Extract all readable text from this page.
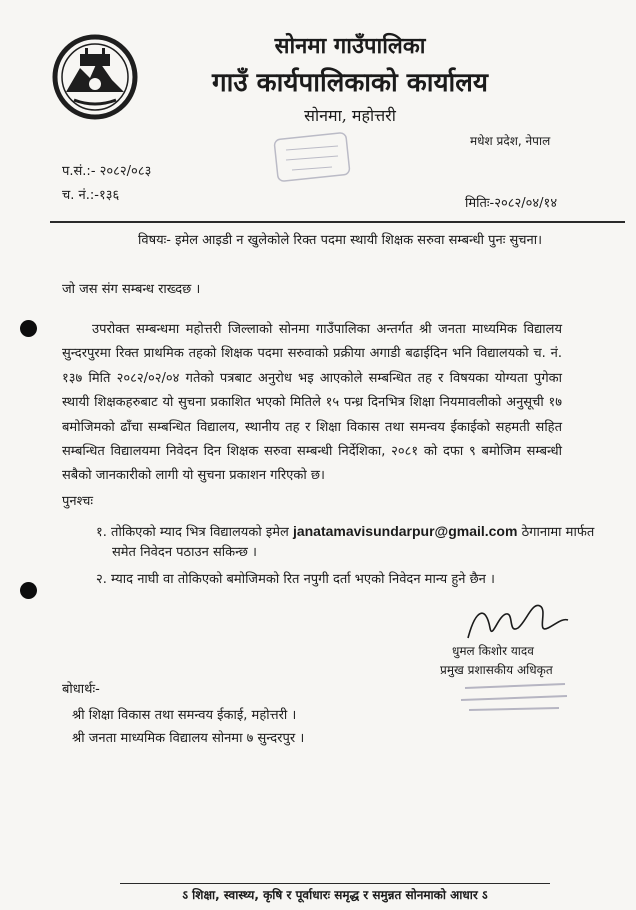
सोनमा गाउँपालिका
गाउँ कार्यपालिकाको कार्यालय
सोनमा, महोत्तरी
मधेश प्रदेश, नेपाल
प.सं.:- २०८२/०८३
च. नं.:-१३६
मितिः-२०८२/०४/१४
विषयः- इमेल आइडी न खुलेकोले रिक्त पदमा स्थायी शिक्षक सरुवा सम्बन्धी पुनः सुचना।
जो जस संग सम्बन्ध राख्दछ ।
उपरोक्त सम्बन्धमा महोत्तरी जिल्लाको सोनमा गाउँपालिका अन्तर्गत श्री जनता माध्यमिक विद्यालय सुन्दरपुरमा रिक्त प्राथमिक तहको शिक्षक पदमा सरुवाको प्रक्रीया अगाडी बढाईदिन भनि विद्यालयको च. नं. १३७ मिति २०८२/०२/०४ गतेको पत्रबाट अनुरोध भइ आएकोले सम्बन्धित तह र विषयका योग्यता पुगेका स्थायी शिक्षकहरुबाट यो सुचना प्रकाशित भएको मितिले १५ पन्ध्र दिनभित्र शिक्षा नियमावलीको अनुसूची १७ बमोजिमको ढाँचा सम्बन्धित विद्यालय, स्थानीय तह र शिक्षा विकास तथा समन्वय ईकाईको सहमती सहित सम्बन्धित विद्यालयमा निवेदन दिन शिक्षक सरुवा सम्बन्धी निर्देशिका, २०८१ को दफा ९ बमोजिम सम्बन्धी सबैको जानकारीको लागी यो सुचना प्रकाशन गरिएको छ।
पुनश्चः
१. तोकिएको म्याद भित्र विद्यालयको इमेल janatamavisundarpur@gmail.com ठेगानामा मार्फत
समेत निवेदन पठाउन सकिन्छ ।
२. म्याद नाघी वा तोकिएको बमोजिमको रित नपुगी दर्ता भएको निवेदन मान्य हुने छैन ।
धुमल किशोर यादव
प्रमुख प्रशासकीय अधिकृत
बोधार्थः-
श्री शिक्षा विकास तथा समन्वय ईकाई, महोत्तरी ।
श्री जनता माध्यमिक विद्यालय सोनमा ७ सुन्दरपुर ।
ऽ शिक्षा, स्वास्थ्य, कृषि र पूर्वाधारः समृद्ध र समुन्नत सोनमाको आधार ऽ
